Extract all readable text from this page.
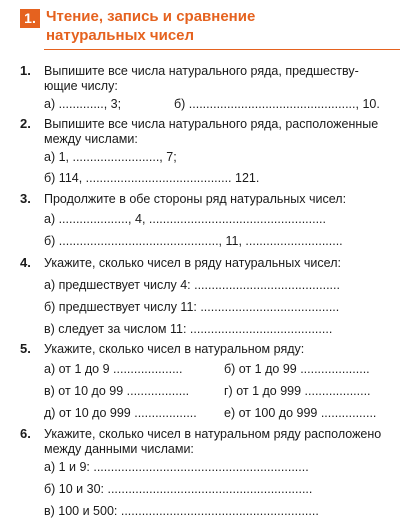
1. Чтение, запись и сравнение
натуральных чисел
1.	Выпишите все числа натурального ряда, предшеству-
ющие числу:
а) ............., 3;	б) ................................................, 10.
2.	Выпишите все числа натурального ряда, расположенные
между числами:
а) 1, ........................., 7;
б) 114, .......................................... 121.
3.	Продолжите в обе стороны ряд натуральных чисел:
а) ...................., 4, ...................................................
б) .............................................., 11, ............................
4.	Укажите, сколько чисел в ряду натуральных чисел:
а) предшествует числу 4: ..........................................
б) предшествует числу 11: ........................................
в) следует за числом 11: .........................................
5.	Укажите, сколько чисел в натуральном ряду:
а) от 1 до 9 ....................	б) от 1 до 99 ....................
в) от 10 до 99 ..................	г) от 1 до 999 ...................
д) от 10 до 999 .................. е) от 100 до 999 ................
6.	Укажите, сколько чисел в натуральном ряду расположено
между данными числами:
а) 1 и 9: ..............................................................
б) 10 и 30: ...........................................................
в) 100 и 500: .........................................................
